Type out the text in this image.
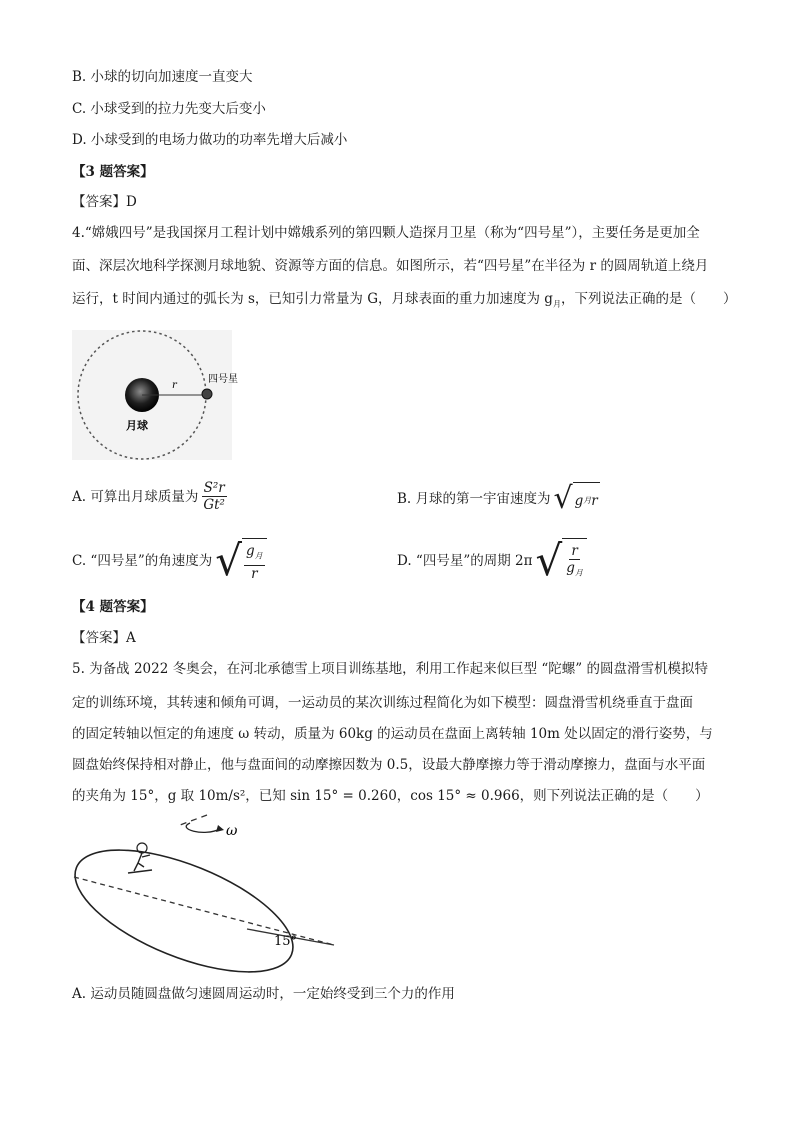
B. 小球的切向加速度一直变大
C. 小球受到的拉力先变大后变小
D. 小球受到的电场力做功的功率先增大后减小
【3 题答案】
【答案】D
4.“嫦娥四号”是我国探月工程计划中嫦娥系列的第四颗人造探月卫星（称为“四号星”），主要任务是更加全
面、深层次地科学探测月球地貌、资源等方面的信息。如图所示，若“四号星”在半径为 r 的圆周轨道上绕月
运行，t 时间内通过的弧长为 s，已知引力常量为 G，月球表面的重力加速度为 $g_月$，下列说法正确的是（　　）
r
四号星
月球
A. 可算出月球质量为 $\frac{\text{S²r}}{\text{Gt²}}$	B. 月球的第一宇宙速度为 √ g 月 r
C. “四号星”的角速度为 √ $\frac{g_月}{r}$	D. “四号星”的周期 2π √ $\frac{r}{g_月}$
【4 题答案】
【答案】A
5. 为备战 2022 冬奥会，在河北承德雪上项目训练基地，利用工作起来似巨型 “陀螺” 的圆盘滑雪机模拟特
定的训练环境，其转速和倾角可调，一运动员的某次训练过程简化为如下模型：圆盘滑雪机绕垂直于盘面
的固定转轴以恒定的角速度 ω 转动，质量为 60kg 的运动员在盘面上离转轴 10m 处以固定的滑行姿势，与
圆盘始终保持相对静止，他与盘面间的动摩擦因数为 0.5，设最大静摩擦力等于滑动摩擦力，盘面与水平面
的夹角为 15°，g 取 10m/s²，已知 sin 15° = 0.260，cos 15° ≈ 0.966，则下列说法正确的是（　　）
ω
15°
A. 运动员随圆盘做匀速圆周运动时，一定始终受到三个力的作用
